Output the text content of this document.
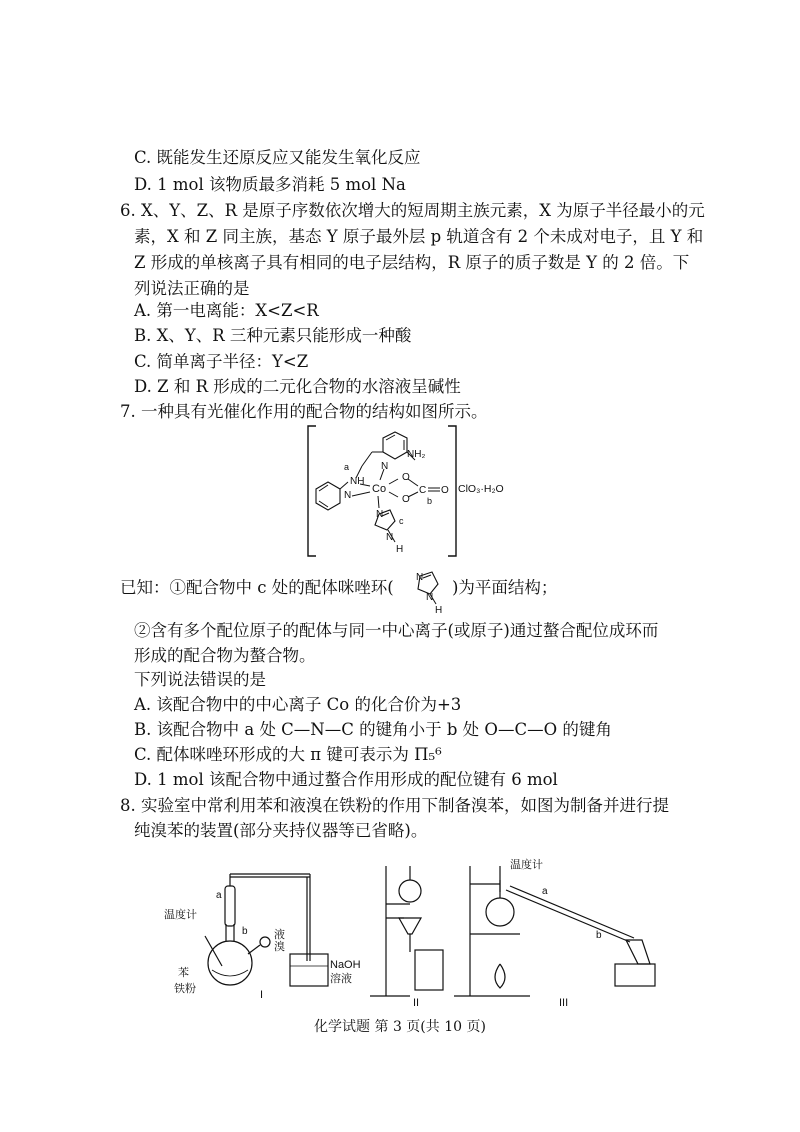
C. 既能发生还原反应又能发生氧化反应
D. 1 mol 该物质最多消耗 5 mol Na
6. X、Y、Z、R 是原子序数依次增大的短周期主族元素，X 为原子半径最小的元
素，X 和 Z 同主族，基态 Y 原子最外层 p 轨道含有 2 个未成对电子，且 Y 和
Z 形成的单核离子具有相同的电子层结构，R 原子的质子数是 Y 的 2 倍。下
列说法正确的是
A. 第一电离能：X<Z<R
B. X、Y、R 三种元素只能形成一种酸
C. 简单离子半径：Y<Z
D. Z 和 R 形成的二元化合物的水溶液呈碱性
7. 一种具有光催化作用的配合物的结构如图所示。
NH₂
a
NH
N
Co
N
O
O
C
b
O
N
c
N
H
ClO₃·H₂O
已知：①配合物中 c 处的配体咪唑环(
N
N
H
)为平面结构；
②含有多个配位原子的配体与同一中心离子(或原子)通过螯合配位成环而
形成的配合物为螯合物。
下列说法错误的是
A. 该配合物中的中心离子 Co 的化合价为+3
B. 该配合物中 a 处 C—N—C 的键角小于 b 处 O—C—O 的键角
C. 配体咪唑环形成的大 π 键可表示为 Π₅⁶
D. 1 mol 该配合物中通过螯合作用形成的配位键有 6 mol
8. 实验室中常利用苯和液溴在铁粉的作用下制备溴苯，如图为制备并进行提
纯溴苯的装置(部分夹持仪器等已省略)。
温度计
a
b 液
溴
苯
铁粉
NaOH
溶液
I
II
温度计
a
b
III
化学试题 第 3 页(共 10 页)
